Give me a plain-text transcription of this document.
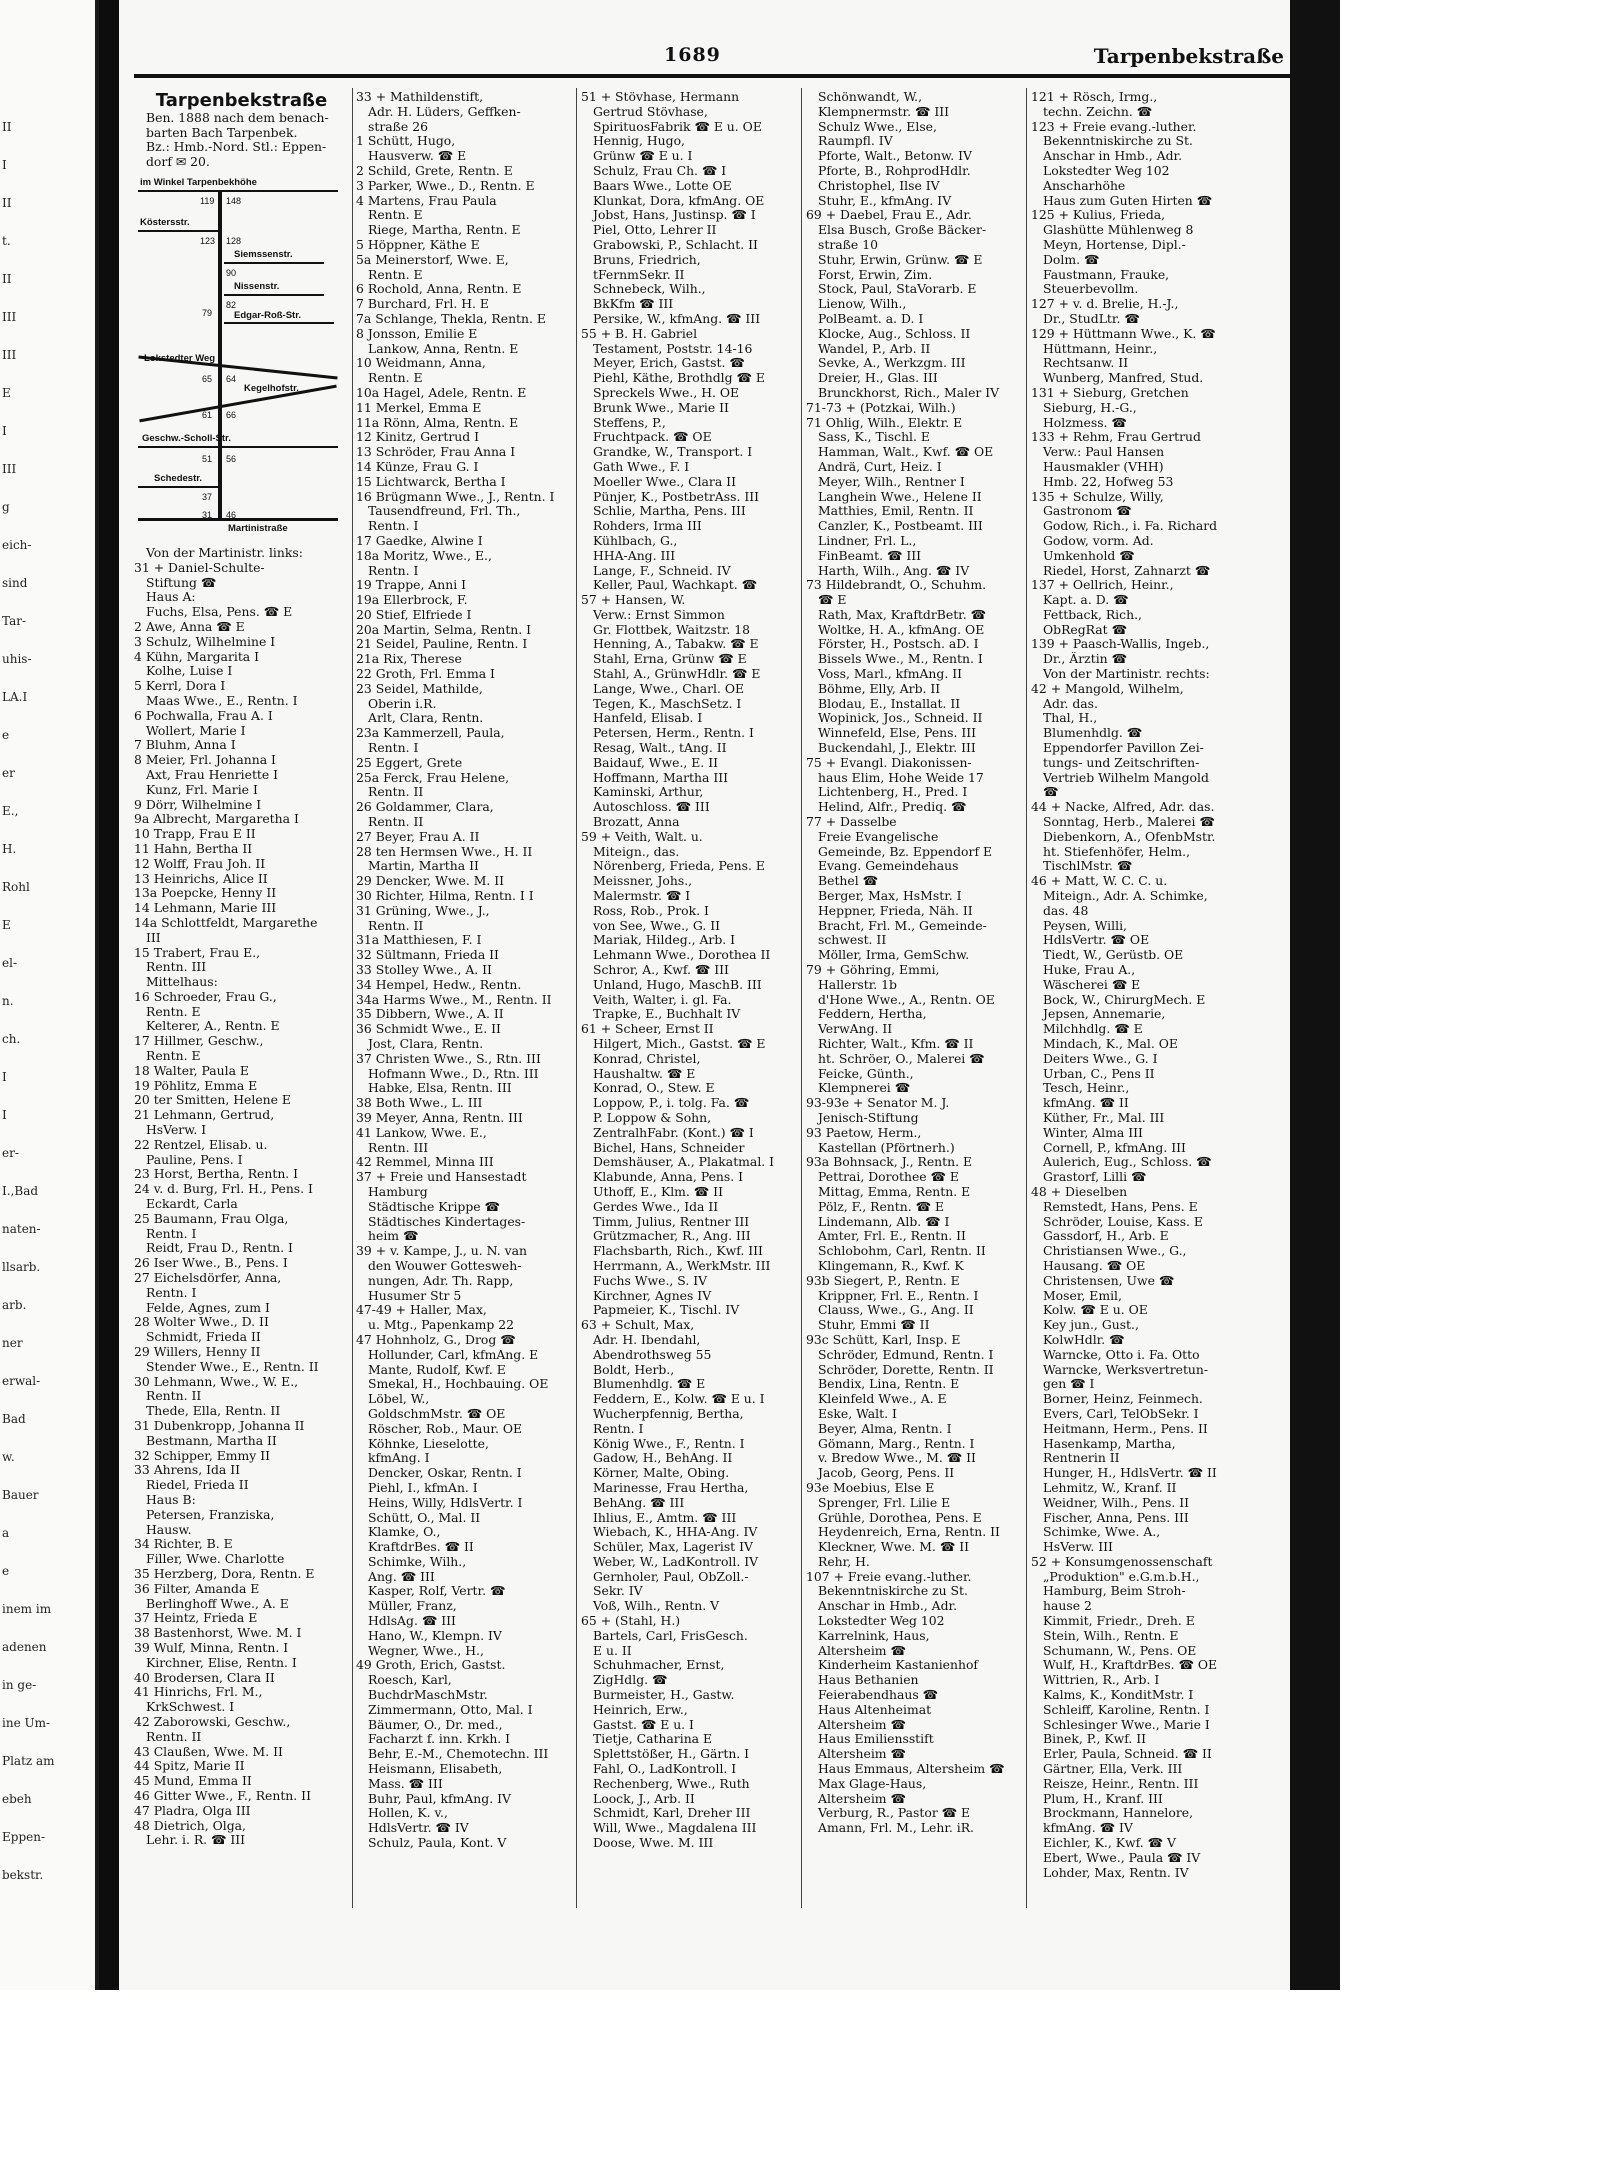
II
I
II
t.
II
III
III
E
I
III
g
eich-
sind
Tar-
uhis-
LA.I
e
er
E.,
H.
Rohl
E
el-
n.
ch.
I
I
er-
I.,Bad
naten-
llsarb.
arb.
ner
erwal-
Bad
w.
Bauer
a
e
inem im
adenen
in ge-
ine Um-
Platz am
ebeh
Eppen-
bekstr.
1689	Tarpenbekstraße
Tarpenbekstraße
Ben. 1888 nach dem benach-
barten Bach Tarpenbek.
Bz.: Hmb.-Nord. Stl.: Eppen-
dorf ✉ 20.
im Winkel Tarpenbekhöhe
Köstersstr.
Siemssenstr.
Nissenstr.
Edgar-Roß-Str.
Lokstedter Weg
Kegelhofstr.
Geschw.-Scholl-Str.
Schedestr.
Martinistraße
119 148
123 128
90
82
79
65 64
61 66
51 56
37
31 46
Von der Martinistr. links:
31 + Daniel-Schulte-
Stiftung ☎
Haus A:
Fuchs, Elsa, Pens. ☎ E
2 Awe, Anna ☎ E
3 Schulz, Wilhelmine I
4 Kühn, Margarita I
Kolhe, Luise I
5 Kerrl, Dora I
Maas Wwe., E., Rentn. I
6 Pochwalla, Frau A. I
Wollert, Marie I
7 Bluhm, Anna I
8 Meier, Frl. Johanna I
Axt, Frau Henriette I
Kunz, Frl. Marie I
9 Dörr, Wilhelmine I
9a Albrecht, Margaretha I
10 Trapp, Frau E II
11 Hahn, Bertha II
12 Wolff, Frau Joh. II
13 Heinrichs, Alice II
13a Poepcke, Henny II
14 Lehmann, Marie III
14a Schlottfeldt, Margarethe
III
15 Trabert, Frau E.,
Rentn. III
Mittelhaus:
16 Schroeder, Frau G.,
Rentn. E
Kelterer, A., Rentn. E
17 Hillmer, Geschw.,
Rentn. E
18 Walter, Paula E
19 Pöhlitz, Emma E
20 ter Smitten, Helene E
21 Lehmann, Gertrud,
HsVerw. I
22 Rentzel, Elisab. u.
Pauline, Pens. I
23 Horst, Bertha, Rentn. I
24 v. d. Burg, Frl. H., Pens. I
Eckardt, Carla
25 Baumann, Frau Olga,
Rentn. I
Reidt, Frau D., Rentn. I
26 Iser Wwe., B., Pens. I
27 Eichelsdörfer, Anna,
Rentn. I
Felde, Agnes, zum I
28 Wolter Wwe., D. II
Schmidt, Frieda II
29 Willers, Henny II
Stender Wwe., E., Rentn. II
30 Lehmann, Wwe., W. E.,
Rentn. II
Thede, Ella, Rentn. II
31 Dubenkropp, Johanna II
Bestmann, Martha II
32 Schipper, Emmy II
33 Ahrens, Ida II
Riedel, Frieda II
Haus B:
Petersen, Franziska,
Hausw.
34 Richter, B. E
Filler, Wwe. Charlotte
35 Herzberg, Dora, Rentn. E
36 Filter, Amanda E
Berlinghoff Wwe., A. E
37 Heintz, Frieda E
38 Bastenhorst, Wwe. M. I
39 Wulf, Minna, Rentn. I
Kirchner, Elise, Rentn. I
40 Brodersen, Clara II
41 Hinrichs, Frl. M.,
KrkSchwest. I
42 Zaborowski, Geschw.,
Rentn. II
43 Claußen, Wwe. M. II
44 Spitz, Marie II
45 Mund, Emma II
46 Gitter Wwe., F., Rentn. II
47 Pladra, Olga III
48 Dietrich, Olga,
Lehr. i. R. ☎ III
33 + Mathildenstift,
Adr. H. Lüders, Geffken-
straße 26
1 Schütt, Hugo,
Hausverw. ☎ E
2 Schild, Grete, Rentn. E
3 Parker, Wwe., D., Rentn. E
4 Martens, Frau Paula
Rentn. E
Riege, Martha, Rentn. E
5 Höppner, Käthe E
5a Meinerstorf, Wwe. E,
Rentn. E
6 Rochold, Anna, Rentn. E
7 Burchard, Frl. H. E
7a Schlange, Thekla, Rentn. E
8 Jonsson, Emilie E
Lankow, Anna, Rentn. E
10 Weidmann, Anna,
Rentn. E
10a Hagel, Adele, Rentn. E
11 Merkel, Emma E
11a Rönn, Alma, Rentn. E
12 Kinitz, Gertrud I
13 Schröder, Frau Anna I
14 Künze, Frau G. I
15 Lichtwarck, Bertha I
16 Brügmann Wwe., J., Rentn. I
Tausendfreund, Frl. Th.,
Rentn. I
17 Gaedke, Alwine I
18a Moritz, Wwe., E.,
Rentn. I
19 Trappe, Anni I
19a Ellerbrock, F.
20 Stief, Elfriede I
20a Martin, Selma, Rentn. I
21 Seidel, Pauline, Rentn. I
21a Rix, Therese
22 Groth, Frl. Emma I
23 Seidel, Mathilde,
Oberin i.R.
Arlt, Clara, Rentn.
23a Kammerzell, Paula,
Rentn. I
25 Eggert, Grete
25a Ferck, Frau Helene,
Rentn. II
26 Goldammer, Clara,
Rentn. II
27 Beyer, Frau A. II
28 ten Hermsen Wwe., H. II
Martin, Martha II
29 Dencker, Wwe. M. II
30 Richter, Hilma, Rentn. I I
31 Grüning, Wwe., J.,
Rentn. II
31a Matthiesen, F. I
32 Sültmann, Frieda II
33 Stolley Wwe., A. II
34 Hempel, Hedw., Rentn.
34a Harms Wwe., M., Rentn. II
35 Dibbern, Wwe., A. II
36 Schmidt Wwe., E. II
Jost, Clara, Rentn.
37 Christen Wwe., S., Rtn. III
Hofmann Wwe., D., Rtn. III
Habke, Elsa, Rentn. III
38 Both Wwe., L. III
39 Meyer, Anna, Rentn. III
41 Lankow, Wwe. E.,
Rentn. III
42 Remmel, Minna III
37 + Freie und Hansestadt
Hamburg
Städtische Krippe ☎
Städtisches Kindertages-
heim ☎
39 + v. Kampe, J., u. N. van
den Wouwer Gottesweh-
nungen, Adr. Th. Rapp,
Husumer Str 5
47-49 + Haller, Max,
u. Mtg., Papenkamp 22
47 Hohnholz, G., Drog ☎
Hollunder, Carl, kfmAng. E
Mante, Rudolf, Kwf. E
Smekal, H., Hochbauing. OE
Löbel, W.,
GoldschmMstr. ☎ OE
Röscher, Rob., Maur. OE
Köhnke, Lieselotte,
kfmAng. I
Dencker, Oskar, Rentn. I
Piehl, I., kfmAn. I
Heins, Willy, HdlsVertr. I
Schütt, O., Mal. II
Klamke, O.,
KraftdrBes. ☎ II
Schimke, Wilh.,
Ang. ☎ III
Kasper, Rolf, Vertr. ☎
Müller, Franz,
HdlsAg. ☎ III
Hano, W., Klempn. IV
Wegner, Wwe., H.,
49 Groth, Erich, Gastst.
Roesch, Karl,
BuchdrMaschMstr.
Zimmermann, Otto, Mal. I
Bäumer, O., Dr. med.,
Facharzt f. inn. Krkh. I
Behr, E.-M., Chemotechn. III
Heismann, Elisabeth,
Mass. ☎ III
Buhr, Paul, kfmAng. IV
Hollen, K. v.,
HdlsVertr. ☎ IV
Schulz, Paula, Kont. V
51 + Stövhase, Hermann
Gertrud Stövhase,
SpirituosFabrik ☎ E u. OE
Hennig, Hugo,
Grünw ☎ E u. I
Schulz, Frau Ch. ☎ I
Baars Wwe., Lotte OE
Klunkat, Dora, kfmAng. OE
Jobst, Hans, Justinsp. ☎ I
Piel, Otto, Lehrer II
Grabowski, P., Schlacht. II
Bruns, Friedrich,
tFernmSekr. II
Schnebeck, Wilh.,
BkKfm ☎ III
Persike, W., kfmAng. ☎ III
55 + B. H. Gabriel
Testament, Poststr. 14-16
Meyer, Erich, Gastst. ☎
Piehl, Käthe, Brothdlg ☎ E
Spreckels Wwe., H. OE
Brunk Wwe., Marie II
Steffens, P.,
Fruchtpack. ☎ OE
Grandke, W., Transport. I
Gath Wwe., F. I
Moeller Wwe., Clara II
Pünjer, K., PostbetrAss. III
Schlie, Martha, Pens. III
Rohders, Irma III
Kühlbach, G.,
HHA-Ang. III
Lange, F., Schneid. IV
Keller, Paul, Wachkapt. ☎
57 + Hansen, W.
Verw.: Ernst Simmon
Gr. Flottbek, Waitzstr. 18
Henning, A., Tabakw. ☎ E
Stahl, Erna, Grünw ☎ E
Stahl, A., GrünwHdlr. ☎ E
Lange, Wwe., Charl. OE
Tegen, K., MaschSetz. I
Hanfeld, Elisab. I
Petersen, Herm., Rentn. I
Resag, Walt., tAng. II
Baidauf, Wwe., E. II
Hoffmann, Martha III
Kaminski, Arthur,
Autoschloss. ☎ III
Brozatt, Anna
59 + Veith, Walt. u.
Miteign., das.
Nörenberg, Frieda, Pens. E
Meissner, Johs.,
Malermstr. ☎ I
Ross, Rob., Prok. I
von See, Wwe., G. II
Mariak, Hildeg., Arb. I
Lehmann Wwe., Dorothea II
Schror, A., Kwf. ☎ III
Unland, Hugo, MaschB. III
Veith, Walter, i. gl. Fa.
Trapke, E., Buchhalt IV
61 + Scheer, Ernst II
Hilgert, Mich., Gastst. ☎ E
Konrad, Christel,
Haushaltw. ☎ E
Konrad, O., Stew. E
Loppow, P., i. tolg. Fa. ☎
P. Loppow & Sohn,
ZentralhFabr. (Kont.) ☎ I
Bichel, Hans, Schneider
Demshäuser, A., Plakatmal. I
Klabunde, Anna, Pens. I
Uthoff, E., Klm. ☎ II
Gerdes Wwe., Ida II
Timm, Julius, Rentner III
Grützmacher, R., Ang. III
Flachsbarth, Rich., Kwf. III
Herrmann, A., WerkMstr. III
Fuchs Wwe., S. IV
Kirchner, Agnes IV
Papmeier, K., Tischl. IV
63 + Schult, Max,
Adr. H. Ibendahl,
Abendrothsweg 55
Boldt, Herb.,
Blumenhdlg. ☎ E
Feddern, E., Kolw. ☎ E u. I
Wucherpfennig, Bertha,
Rentn. I
König Wwe., F., Rentn. I
Gadow, H., BehAng. II
Körner, Malte, Obing.
Marinesse, Frau Hertha,
BehAng. ☎ III
Ihlius, E., Amtm. ☎ III
Wiebach, K., HHA-Ang. IV
Schüler, Max, Lagerist IV
Weber, W., LadKontroll. IV
Gernholer, Paul, ObZoll.-
Sekr. IV
Voß, Wilh., Rentn. V
65 + (Stahl, H.)
Bartels, Carl, FrisGesch.
E u. II
Schuhmacher, Ernst,
ZigHdlg. ☎
Burmeister, H., Gastw.
Heinrich, Erw.,
Gastst. ☎ E u. I
Tietje, Catharina E
Splettstößer, H., Gärtn. I
Fahl, O., LadKontroll. I
Rechenberg, Wwe., Ruth
Loock, J., Arb. II
Schmidt, Karl, Dreher III
Will, Wwe., Magdalena III
Doose, Wwe. M. III
Schönwandt, W.,
Klempnermstr. ☎ III
Schulz Wwe., Else,
Raumpfl. IV
Pforte, Walt., Betonw. IV
Pforte, B., RohprodHdlr.
Christophel, Ilse IV
Stuhr, E., kfmAng. IV
69 + Daebel, Frau E., Adr.
Elsa Busch, Große Bäcker-
straße 10
Stuhr, Erwin, Grünw. ☎ E
Forst, Erwin, Zim.
Stock, Paul, StaVorarb. E
Lienow, Wilh.,
PolBeamt. a. D. I
Klocke, Aug., Schloss. II
Wandel, P., Arb. II
Sevke, A., Werkzgm. III
Dreier, H., Glas. III
Brunckhorst, Rich., Maler IV
71-73 + (Potzkai, Wilh.)
71 Ohlig, Wilh., Elektr. E
Sass, K., Tischl. E
Hamman, Walt., Kwf. ☎ OE
Andrä, Curt, Heiz. I
Meyer, Wilh., Rentner I
Langhein Wwe., Helene II
Matthies, Emil, Rentn. II
Canzler, K., Postbeamt. III
Lindner, Frl. L.,
FinBeamt. ☎ III
Harth, Wilh., Ang. ☎ IV
73 Hildebrandt, O., Schuhm.
☎ E
Rath, Max, KraftdrBetr. ☎
Woltke, H. A., kfmAng. OE
Förster, H., Postsch. aD. I
Bissels Wwe., M., Rentn. I
Voss, Marl., kfmAng. II
Böhme, Elly, Arb. II
Blodau, E., Installat. II
Wopinick, Jos., Schneid. II
Winnefeld, Else, Pens. III
Buckendahl, J., Elektr. III
75 + Evangl. Diakonissen-
haus Elim, Hohe Weide 17
Lichtenberg, H., Pred. I
Helind, Alfr., Prediq. ☎
77 + Dasselbe
Freie Evangelische
Gemeinde, Bz. Eppendorf E
Evang. Gemeindehaus
Bethel ☎
Berger, Max, HsMstr. I
Heppner, Frieda, Näh. II
Bracht, Frl. M., Gemeinde-
schwest. II
Möller, Irma, GemSchw.
79 + Göhring, Emmi,
Hallerstr. 1b
d'Hone Wwe., A., Rentn. OE
Feddern, Hertha,
VerwAng. II
Richter, Walt., Kfm. ☎ II
ht. Schröer, O., Malerei ☎
Feicke, Günth.,
Klempnerei ☎
93-93e + Senator M. J.
Jenisch-Stiftung
93 Paetow, Herm.,
Kastellan (Pförtnerh.)
93a Bohnsack, J., Rentn. E
Pettrai, Dorothee ☎ E
Mittag, Emma, Rentn. E
Pölz, F., Rentn. ☎ E
Lindemann, Alb. ☎ I
Amter, Frl. E., Rentn. II
Schlobohm, Carl, Rentn. II
Klingemann, R., Kwf. K
93b Siegert, P., Rentn. E
Krippner, Frl. E., Rentn. I
Clauss, Wwe., G., Ang. II
Stuhr, Emmi ☎ II
93c Schütt, Karl, Insp. E
Schröder, Edmund, Rentn. I
Schröder, Dorette, Rentn. II
Bendix, Lina, Rentn. E
Kleinfeld Wwe., A. E
Eske, Walt. I
Beyer, Alma, Rentn. I
Gömann, Marg., Rentn. I
v. Bredow Wwe., M. ☎ II
Jacob, Georg, Pens. II
93e Moebius, Else E
Sprenger, Frl. Lilie E
Grühle, Dorothea, Pens. E
Heydenreich, Erna, Rentn. II
Kleckner, Wwe. M. ☎ II
Rehr, H.
107 + Freie evang.-luther.
Bekenntniskirche zu St.
Anschar in Hmb., Adr.
Lokstedter Weg 102
Karrelnink, Haus,
Altersheim ☎
Kinderheim Kastanienhof
Haus Bethanien
Feierabendhaus ☎
Haus Altenheimat
Altersheim ☎
Haus Emiliensstift
Altersheim ☎
Haus Emmaus, Altersheim ☎
Max Glage-Haus,
Altersheim ☎
Verburg, R., Pastor ☎ E
Amann, Frl. M., Lehr. iR.
121 + Rösch, Irmg.,
techn. Zeichn. ☎
123 + Freie evang.-luther.
Bekenntniskirche zu St.
Anschar in Hmb., Adr.
Lokstedter Weg 102
Anscharhöhe
Haus zum Guten Hirten ☎
125 + Kulius, Frieda,
Glashütte Mühlenweg 8
Meyn, Hortense, Dipl.-
Dolm. ☎
Faustmann, Frauke,
Steuerbevollm.
127 + v. d. Brelie, H.-J.,
Dr., StudLtr. ☎
129 + Hüttmann Wwe., K. ☎
Hüttmann, Heinr.,
Rechtsanw. II
Wunberg, Manfred, Stud.
131 + Sieburg, Gretchen
Sieburg, H.-G.,
Holzmess. ☎
133 + Rehm, Frau Gertrud
Verw.: Paul Hansen
Hausmakler (VHH)
Hmb. 22, Hofweg 53
135 + Schulze, Willy,
Gastronom ☎
Godow, Rich., i. Fa. Richard
Godow, vorm. Ad.
Umkenhold ☎
Riedel, Horst, Zahnarzt ☎
137 + Oellrich, Heinr.,
Kapt. a. D. ☎
Fettback, Rich.,
ObRegRat ☎
139 + Paasch-Wallis, Ingeb.,
Dr., Ärztin ☎
Von der Martinistr. rechts:
42 + Mangold, Wilhelm,
Adr. das.
Thal, H.,
Blumenhdlg. ☎
Eppendorfer Pavillon Zei-
tungs- und Zeitschriften-
Vertrieb Wilhelm Mangold
☎
44 + Nacke, Alfred, Adr. das.
Sonntag, Herb., Malerei ☎
Diebenkorn, A., OfenbMstr.
ht. Stiefenhöfer, Helm.,
TischlMstr. ☎
46 + Matt, W. C. C. u.
Miteign., Adr. A. Schimke,
das. 48
Peysen, Willi,
HdlsVertr. ☎ OE
Tiedt, W., Gerüstb. OE
Huke, Frau A.,
Wäscherei ☎ E
Bock, W., ChirurgMech. E
Jepsen, Annemarie,
Milchhdlg. ☎ E
Mindach, K., Mal. OE
Deiters Wwe., G. I
Urban, C., Pens II
Tesch, Heinr.,
kfmAng. ☎ II
Küther, Fr., Mal. III
Winter, Alma III
Cornell, P., kfmAng. III
Aulerich, Eug., Schloss. ☎
Grastorf, Lilli ☎
48 + Dieselben
Remstedt, Hans, Pens. E
Schröder, Louise, Kass. E
Gassdorf, H., Arb. E
Christiansen Wwe., G.,
Hausang. ☎ OE
Christensen, Uwe ☎
Moser, Emil,
Kolw. ☎ E u. OE
Key jun., Gust.,
KolwHdlr. ☎
Warncke, Otto i. Fa. Otto
Warncke, Werksvertretun-
gen ☎ I
Borner, Heinz, Feinmech.
Evers, Carl, TelObSekr. I
Heitmann, Herm., Pens. II
Hasenkamp, Martha,
Rentnerin II
Hunger, H., HdlsVertr. ☎ II
Lehmitz, W., Kranf. II
Weidner, Wilh., Pens. II
Fischer, Anna, Pens. III
Schimke, Wwe. A.,
HsVerw. III
52 + Konsumgenossenschaft
„Produktion" e.G.m.b.H.,
Hamburg, Beim Stroh-
hause 2
Kimmit, Friedr., Dreh. E
Stein, Wilh., Rentn. E
Schumann, W., Pens. OE
Wulf, H., KraftdrBes. ☎ OE
Wittrien, R., Arb. I
Kalms, K., KonditMstr. I
Schleiff, Karoline, Rentn. I
Schlesinger Wwe., Marie I
Binek, P., Kwf. II
Erler, Paula, Schneid. ☎ II
Gärtner, Ella, Verk. III
Reisze, Heinr., Rentn. III
Plum, H., Kranf. III
Brockmann, Hannelore,
kfmAng. ☎ IV
Eichler, K., Kwf. ☎ V
Ebert, Wwe., Paula ☎ IV
Lohder, Max, Rentn. IV
